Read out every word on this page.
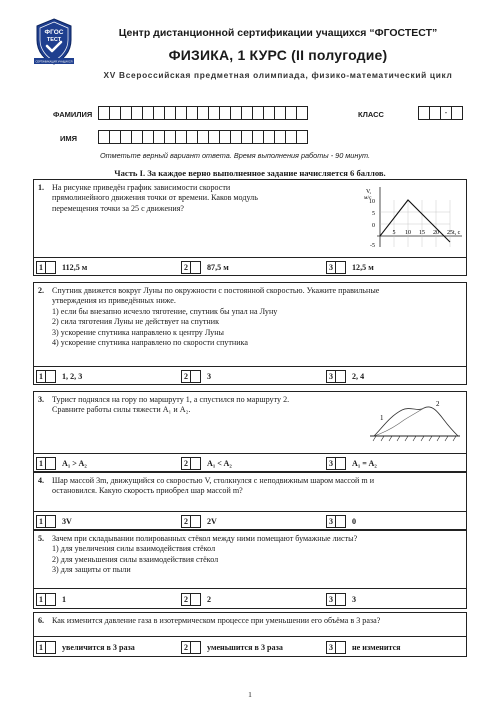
ФГОС
ТЕСТ
СЕРТИФИКАЦИЯ УЧАЩИХСЯ
Центр дистанционной сертификации учащихся “ФГОСТЕСТ”
ФИЗИКА, 1 КУРС (II полугодие)
XV Всероссийская предметная олимпиада, физико-математический цикл
ФАМИЛИЯ	КЛАСС	-
ИМЯ
Отметьте верный вариант ответа. Время выполнения работы - 90 минут.
Часть I. За каждое верно выполненное задание начисляется 6 баллов.
1. На рисунке приведён график зависимости скорости
прямолинейного движения точки от времени. Каков модуль
перемещения точки за 25 с движения?
V,
м/с
10
5
0
-5
5 10 15 20 25 t, с
1	112,5 м	2	87,5 м	3	12,5 м
2. Спутник движется вокруг Луны по окружности с постоянной скоростью. Укажите правильные
утверждения из приведённых ниже.
1) если бы внезапно исчезло тяготение, спутник бы упал на Луну
2) сила тяготения Луны не действует на спутник
3) ускорение спутника направлено к центру Луны
4) ускорение спутника направлено по скорости спутника
1	1, 2, 3	2	3	3	2, 4
3. Турист поднялся на гору по маршруту 1, а спустился по маршруту 2.
Сравните работы силы тяжести A₁ и A₂.
1
2
1	A₁ > A₂	2	A₁ < A₂	3	A₁ = A₂
4. Шар массой 3m, движущийся со скоростью V, столкнулся с неподвижным шаром массой m и
остановился. Какую скорость приобрел шар массой m?
1	3V	2	2V	3	0
5. Зачем при складывании полированных стёкол между ними помещают бумажные листы?
1) для увеличения силы взаимодействия стёкол
2) для уменьшения силы взаимодействия стёкол
3) для защиты от пыли
1	1	2	2	3	3
6. Как изменится давление газа в изотермическом процессе при уменьшении его объёма в 3 раза?
1	увеличится в 3 раза	2	уменьшится в 3 раза	3	не изменится
1
